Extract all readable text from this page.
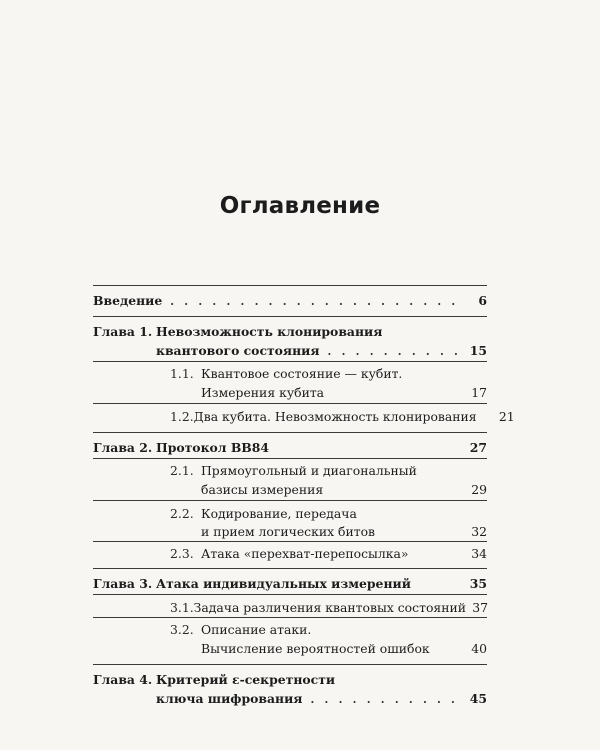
Оглавление
Введение . . .	6
Глава 1. Невозможность клонирования
квантового состояния . . .	15
1.1. Квантовое состояние — кубит.
Измерения кубита	17
1.2. Два кубита. Невозможность клонирования	21
Глава 2. Протокол BB84	27
2.1. Прямоугольный и диагональный
базисы измерения	29
2.2. Кодирование, передача
и прием логических битов	32
2.3. Атака «перехват-перепосылка»	34
Глава 3. Атака индивидуальных измерений	35
3.1. Задача различения квантовых состояний 37
3.2. Описание атаки.
Вычисление вероятностей ошибок	40
Глава 4. Критерий ε-секретности
ключа шифрования . . .	45
